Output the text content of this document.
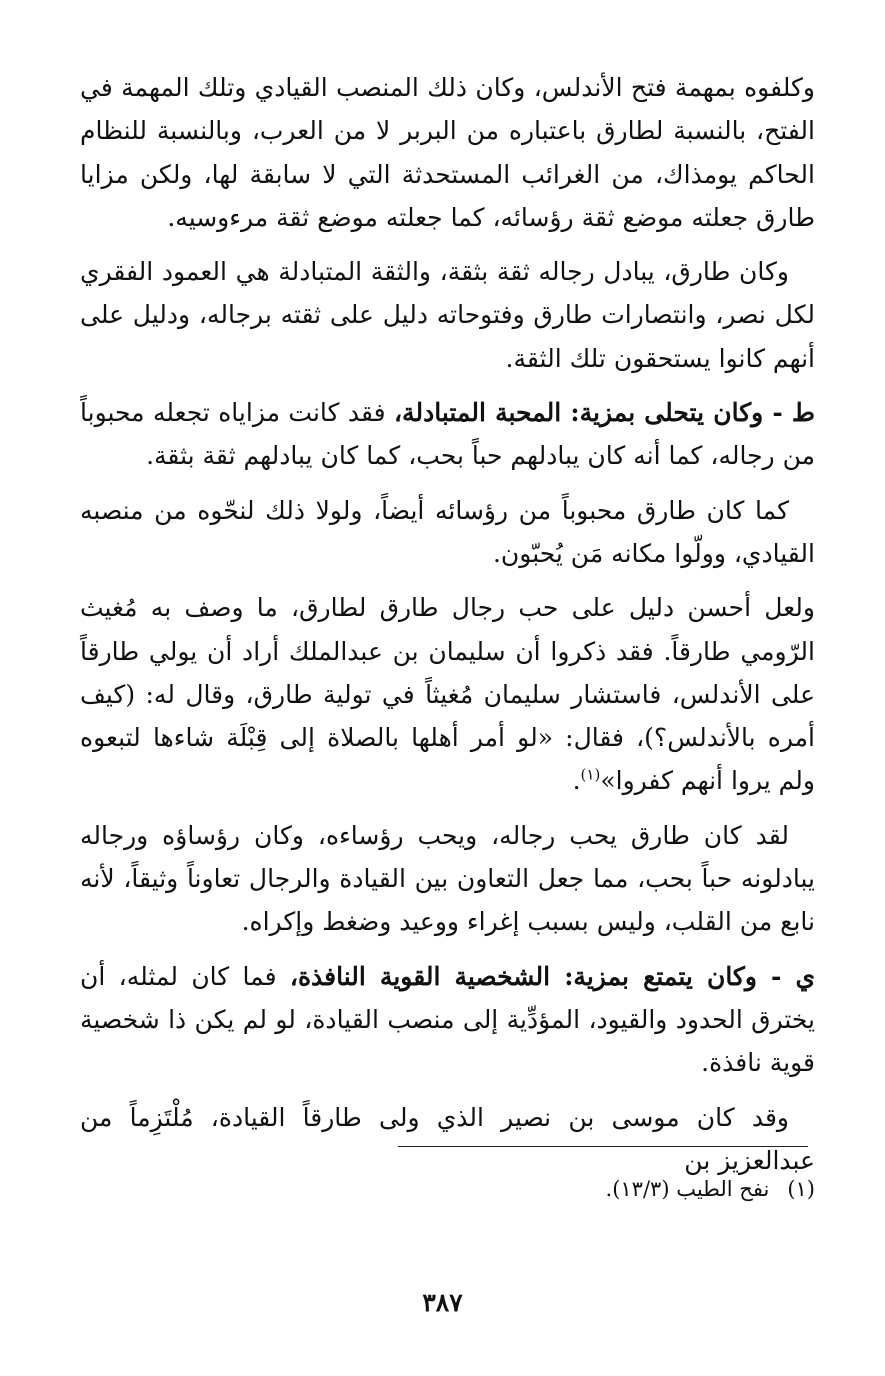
وكلفوه بمهمة فتح الأندلس، وكان ذلك المنصب القيادي وتلك المهمة في الفتح، بالنسبة لطارق باعتباره من البربر لا من العرب، وبالنسبة للنظام الحاكم يومذاك، من الغرائب المستحدثة التي لا سابقة لها، ولكن مزايا طارق جعلته موضع ثقة رؤسائه، كما جعلته موضع ثقة مرءوسيه.

وكان طارق، يبادل رجاله ثقة بثقة، والثقة المتبادلة هي العمود الفقري لكل نصر، وانتصارات طارق وفتوحاته دليل على ثقته برجاله، ودليل على أنهم كانوا يستحقون تلك الثقة.

ط - وكان يتحلى بمزية: المحبة المتبادلة، فقد كانت مزاياه تجعله محبوباً من رجاله، كما أنه كان يبادلهم حباً بحب، كما كان يبادلهم ثقة بثقة.

كما كان طارق محبوباً من رؤسائه أيضاً، ولولا ذلك لنحّوه من منصبه القيادي، وولّوا مكانه مَن يُحبّون.

ولعل أحسن دليل على حب رجال طارق لطارق، ما وصف به مُغيث الرّومي طارقاً. فقد ذكروا أن سليمان بن عبدالملك أراد أن يولي طارقاً على الأندلس، فاستشار سليمان مُغيثاً في تولية طارق، وقال له: (كيف أمره بالأندلس؟)، فقال: «لو أمر أهلها بالصلاة إلى قِبْلَة شاءها لتبعوه ولم يروا أنهم كفروا»$^{(١)}$.

لقد كان طارق يحب رجاله، ويحب رؤساءه، وكان رؤساؤه ورجاله يبادلونه حباً بحب، مما جعل التعاون بين القيادة والرجال تعاوناً وثيقاً، لأنه نابع من القلب، وليس بسبب إغراء ووعيد وضغط وإكراه.

ي - وكان يتمتع بمزية: الشخصية القوية النافذة، فما كان لمثله، أن يخترق الحدود والقيود، المؤدِّية إلى منصب القيادة، لو لم يكن ذا شخصية قوية نافذة.

وقد كان موسى بن نصير الذي ولى طارقاً القيادة، مُلْتَزِماً من عبدالعزيز بن

(١)نفح الطيب (١٣/٣).
٣٨٧
